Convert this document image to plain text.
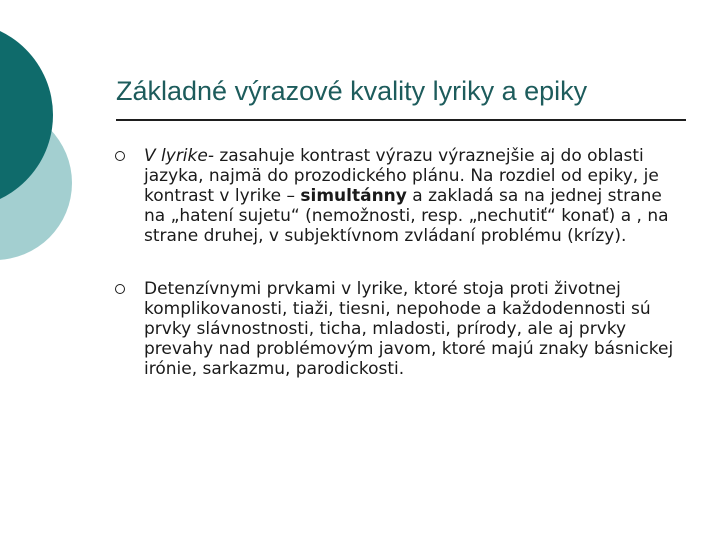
Základné výrazové kvality lyriky a epiky
V lyrike- zasahuje kontrast výrazu výraznejšie aj do oblasti jazyka, najmä do prozodického plánu. Na rozdiel od epiky, je kontrast v lyrike – simultánny a zakladá sa na jednej strane na „hatení sujetu“ (nemožnosti, resp. „nechutiť“ konať) a , na strane druhej, v subjektívnom zvládaní problému (krízy).
Detenzívnymi prvkami v lyrike, ktoré stoja proti životnej komplikovanosti, tiaži, tiesni, nepohode a každodennosti sú prvky slávnostnosti, ticha, mladosti, prírody, ale aj prvky prevahy nad problémovým javom, ktoré majú znaky básnickej irónie, sarkazmu, parodickosti.
